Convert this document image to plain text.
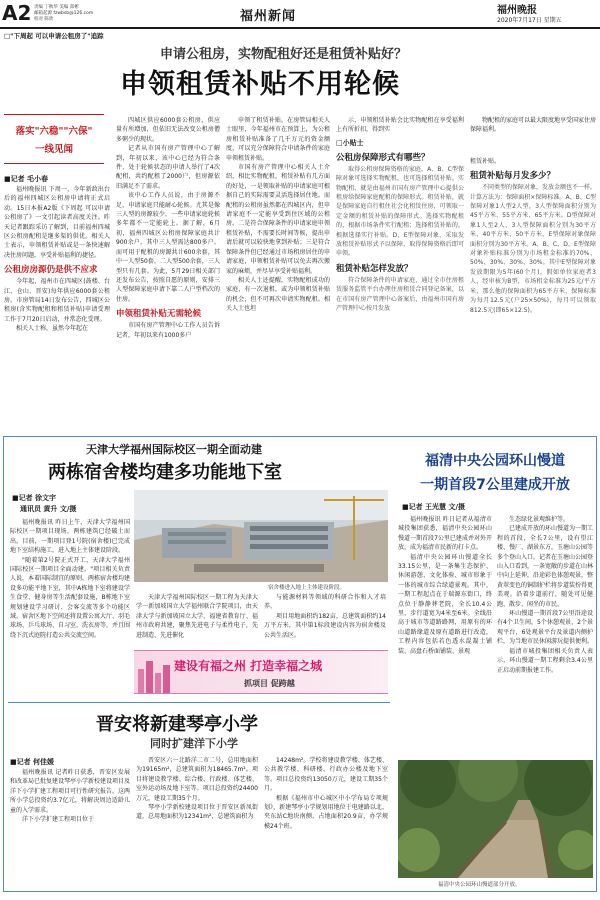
A2 责编 丁秋华 美编 郑彬
邮箱起源 fzwbsb@126.com
校对 陈欣	福州新闻	福州晚报
2020年7月17日 星期五
□"下周起 可以申请公租房了"追踪
申请公租房，实物配租好还是租赁补贴好？
申领租赁补贴不用轮候
落实"六稳""六保"
一线见闻
■记者 毛小春

福州晚报讯 下周一，今年新政出台后的福州四城区公租房申请将正式启动。15日本报A2版《下周起 可以申请公租房了》一文引起读者高度关注。昨天记者跟踪采访了解到，目前福州四城区公租房配租是继多渠的供优。相关人士表示，申领租赁补贴或是一条快速解决住房问题，享受补贴福利的捷径。

公租房房源仍是供不应求

今年起，福州市在四城区(鼓楼、台江、仓山、晋安)每年供应6000套公租房。市房管局14日发布公告，四城区公租房(含实物配租和租赁补贴)申请受理工作于7月20日启动，并常态化受理。

相关人士称，虽然今年起在

四城区供应6000套公租房，供应量有所增加，但依旧无法改变公租房僧多粥少的现状。

记者从市国有房产管理中心了解到，年初以来，该中心已经为符合条件、处于轮候状态的申请人举行了4次配租，共约配租了2000户，但房源依旧满足不了需求。

该中心工作人员说，由于房源不足，申请家庭只能耐心轮候。尤其是像三人型的房源较少，一些申请家庭轮候多年都不一定能轮上。据了解，6月初，福州四城区公租房保障家庭共计900余户，其中三人型需达800多户。而可用于配租的房源共计600余套，其中一人型50套，二人型500余套，三人型只有几套。为此，5月29日相关部门还发布公告，按照自愿的原则，安排三人型保障家庭申请下靠二人户型档次的住房。

申领租赁补贴无需轮候

市国有房产管理中心工作人员告诉记者，年初以来有1000多户

申领了租赁补贴。在房管局相关人士眼里，今年福州市在预算上，为公租房租赁补贴准备了几千万元的资金额度，可以充分保障符合申请条件的家庭申领租赁补贴。

市国有房产管理中心相关人士介绍，相比实物配租，租赁补贴有几方面的好处，一是领取补贴的申请家庭可根据自己的实际需要灵活选择居住地。而配租的公租房虽然都在四城区内，但申请家庭不一定能享受到住区域的公租房。二是符合保障条件的申请家庭申领租赁补贴，不需要长时间等候，提出申请后就可以较快地拿到补贴；三是符合保障条件但已经通过市场租房居住的申请家庭，申领租赁补贴可以免去再次搬家的麻烦，并尽早享受补贴福利。

相关人士还提醒，实物配租成功的家庭，有一次退租，或为申领租赁补贴的机会，但不可再次申请实物配租。相关人士也坦

示，申领租赁补贴会比实物配租在享受福利上有所折扣，得到实

□小贴士
公租房保障形式有哪些？

取得公租房保障资格的家庭，A、B、C型保障对象可选择实物配租，也可选择租赁补贴。实物配租，就是由福州市国有房产管理中心提供公租房给保障家庭配租的保障形式。租赁补贴，就是保障家庭自行租住社会化租赁住房，可领取一定金额的租赁补贴的保障形式。选择实物配租的，根据市场条件实行配租；选择租赁补贴的，根据选择实行补贴。D、E型保障对象，采取发放租赁补贴形式予以保障，取得保障资格后即可申领。

租赁补贴怎样发放？

符合保障条件的申请家庭，通过全市住房租赁服务监管平台办理住房租赁合同登记备案，以在市国有房产管理中心备案后，由福州市国有房产管理中心按月发放

物配租的家庭可以最大限度地享受国家住房保障福利。

租赁补贴。
租赁补贴每月发多少？

不同类型的保障对象，发放金额也不一样，计算方法为：保障面积×保障标准。A、B、C型保障对象1人型2人型，3人型保障面积分别为45平方米、55平方米、65平方米。D型保障对象1人至2人、3人型保障面积分别为30平方米、40平方米、50平方米，E型保障对象保障面积分别为30平方米。A、B、C、D、E型保障对象补贴标准分别为市场租金标准的70%、50%、30%、30%、30%。其中E型保障对象发放期限为5年(60个月)。假如单位家庭者3人，经审核为B型，市场租金标准为25元/平方米，那么他的保障面积为65平方米，保障标准为每月12.5元(户25×50%)，每月可以领取812.5元(即65×12.5)。

天津大学福州国际校区一期全面动建
两栋宿舍楼均建多功能地下室
■记者 徐文宇
通讯员 黄升 文/摄

福州晚报讯 昨日上午，天津大学福州国际校区一期项目现场，两栋建筑已经破土而出。目前，一期项目登1号院(宿舍楼)已完成地下室结构施工，进入地上主体建设阶段。

"随着第2号院正式开工，天津大学福州国际校区一期项目全面动建。"项目相关负责人说，本着国际制宜的原则，两栋宿舍楼均建设多功能平地下室，其中A栋地下室将建设学生食堂、健身房等生活配套设施，B栋地下室规划建设学习研讨、会客交流等多个功能区域。宿舍区地下空间还将设置公寓大厅、羽毛球场、乒乓球场、自习室、洗衣房等，并且围绕下沉式庭院打造公共交流空间。

宿舍楼进入地上主体建设阶段。

天津大学福州国际校区一期工程为天津大学一新加坡国立大学福州联合学院项目，由天津大学与新加坡国立大学、福建省教育厅、福州市政府共建，聚焦先进电子与柔性电子，先进制造、先进催化

与能源材料等领域的科研合作和人才培养。

项目用地面积约182亩，总建筑面积约14万平方米，其中第1标段建设内容为宿舍楼及公共生活区。

建设有福之州 打造幸福之城
抓项目 促跨越
福清中央公园环山慢道
一期首段7公里建成开放
■记者 王光慧 文/摄

福州晚报讯 昨日记者从福清市城投集团获悉，福清中央公园环山慢道一期首段7公里已建成并对外开放，成为福清市民新的打卡点。

福清中央公园环山慢道全长33.15公里，是一条集生态保护、休闲游憩、文化体验、城市形象于一体的城市综合绿道景观。其中，一期工程起点在于瑞源东街口，终点位于静静葬老院，全长10.4公里，步行道宽为4米至6米。全线沿高于城市等道路路网，用原有的环山道路缘道及原有道路进行改造，工程内容包括若色透水混凝土铺装、高盘石桥面铺装、景观

生态绿化景观维护等。

已建成开放的环山慢道为一期工程的首段，全长7公里，设有望江楼、慢厂、湖景东方，玉塘山公园等多个登山入口。记者在玉塘山公园登山入口看到，一条宽敞的步道在山林中向上延伸，沿途彩色体憩观景，整黄翠变色的铜制护栏将步道装扮得更美观。沿着步道前行，随处可见健跑、散步、闲坐的市民。

环山慢道一期首段7公里沿途设有4个卫生间，5个休憩观景、2个景观平台，6处观景平台及景道内侧护栏，为当地市民休闲游玩提供便利。

福清市城投集团相关负责人表示，环山慢道一期工程剩余3.4公里正启动前期报建工作。

福清中央公园环山慢道部分开放。
晋安将新建琴亭小学
同时扩建洋下小学
■记者 何佳媛

福州晚报讯 记者昨日获悉，晋安区发展和改革局已批复建设琴亭小学新校建设项目及洋下小学扩建工程项目可行性研究报告。这两所小学总投资约3.7亿元，将解决周边适龄儿童的入学需求。

洋下小学扩建工程项目位于

晋安区六一北路洋二市二号，总用地面积为19165m²，总建筑面积为18465.7m²。项目将建设教学楼、综合楼、行政楼、体艺楼、室外运动场及地下室等。项目总投资约24400万元，建设工期35个月。

琴亭小学新校建设项目位于晋安区新凤街道，总用地面积为12341m²，总建筑面积为

14248m²。学校将建设教学楼、体艺楼、公共教学楼、科研楼、行政办公楼及地下室等。项目总投资约13050万元，建设工期35个月。

根据《福州市中心城区中小学布局专项规划》，新建琴亭小学规划用地位于电建路以北，夹东站C地块南侧，占地面积20.9亩，办学规模24个班。
